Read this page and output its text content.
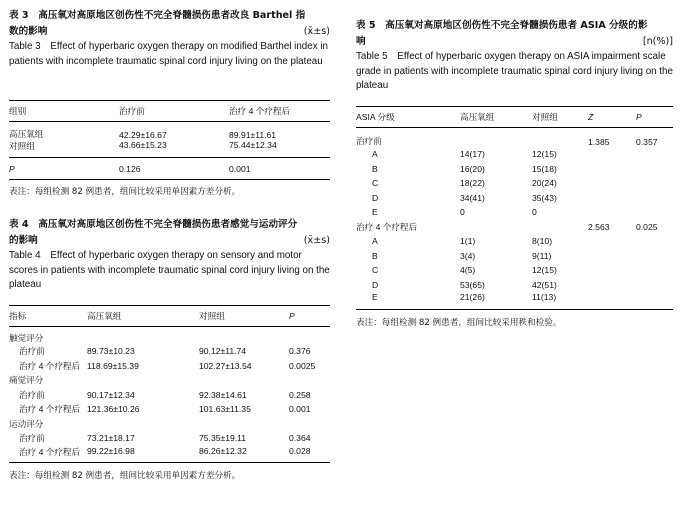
表 3　高压氧对高原地区创伤性不完全脊髓损伤患者改良 Barthel 指
数的影响	(x̄±s)
Table 3　Effect of hyperbaric oxygen therapy on modified Barthel index in patients with incomplete traumatic spinal cord injury living on the plateau
组别	治疗前	治疗 4 个疗程后
高压氧组	42.29±16.67	89.91±11.61
对照组	43.66±15.23	75.44±12.34
P	0.126	0.001
表注：每组检测 82 例患者，组间比较采用单因素方差分析。
表 4　高压氧对高原地区创伤性不完全脊髓损伤患者感觉与运动评分
的影响	(x̄±s)
Table 4　Effect of hyperbaric oxygen therapy on sensory and motor scores in patients with incomplete traumatic spinal cord injury living on the plateau
指标	高压氧组	对照组	P
触觉评分			
治疗前	89.73±10.23	90.12±11.74	0.376
治疗 4 个疗程后	118.69±15.39	102.27±13.54	0.0025
痛觉评分			
治疗前	90.17±12.34	92.38±14.61	0.258
治疗 4 个疗程后	121.36±10.26	101.63±11.35	0.001
运动评分			
治疗前	73.21±18.17	75.35±19.11	0.364
治疗 4 个疗程后	99.22±16.98	86.26±12.32	0.028
表注：每组检测 82 例患者，组间比较采用单因素方差分析。
表 5　高压氧对高原地区创伤性不完全脊髓损伤患者 ASIA 分级的影
响	[n(%)]
Table 5　Effect of hyperbaric oxygen therapy on ASIA impairment scale grade in patients with incomplete traumatic spinal cord injury living on the plateau
ASIA 分级	高压氧组	对照组	Z	P
治疗前			1.385	0.357
A	14(17)	12(15)		
B	16(20)	15(18)		
C	18(22)	20(24)		
D	34(41)	35(43)		
E	0	0		
治疗 4 个疗程后			2.563	0.025
A	1(1)	8(10)		
B	3(4)	9(11)		
C	4(5)	12(15)		
D	53(65)	42(51)		
E	21(26)	11(13)		
表注：每组检测 82 例患者，组间比较采用秩和检验。
